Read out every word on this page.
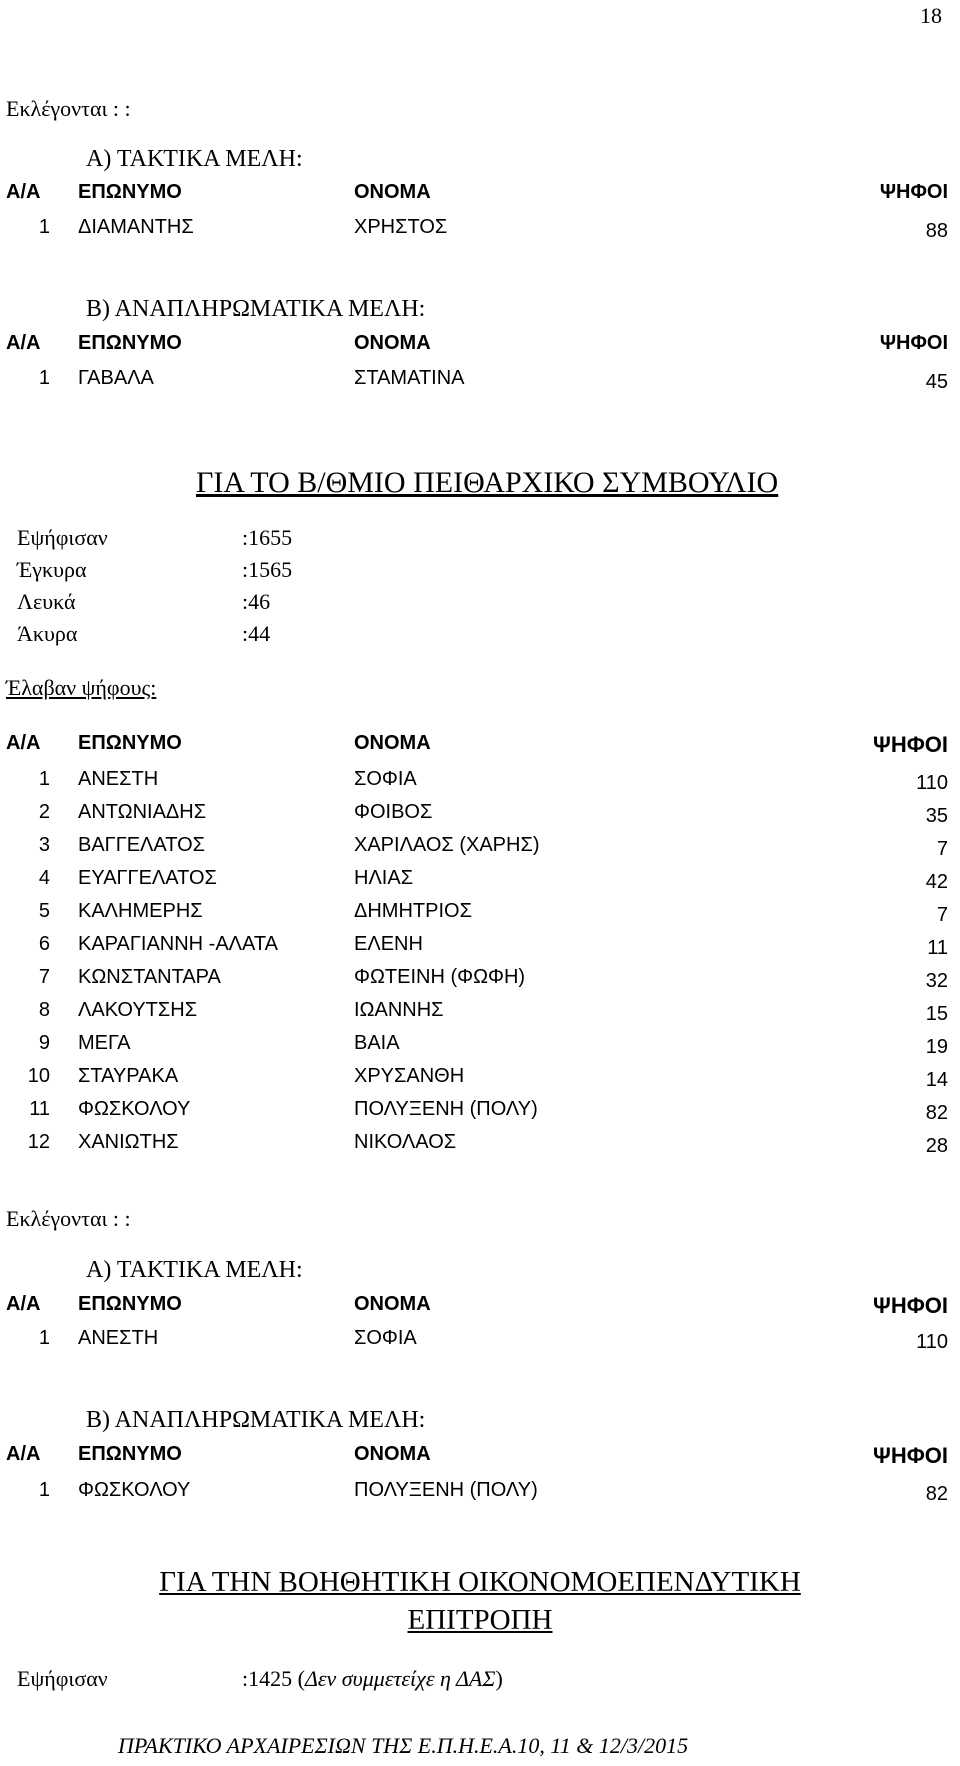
18
Εκλέγονται : :
Α) ΤΑΚΤΙΚΑ ΜΕΛΗ:
Α/Α ΕΠΩΝΥΜΟ	ΟΝΟΜΑ	ΨΗΦΟΙ
1 ΔΙΑΜΑΝΤΗΣ	ΧΡΗΣΤΟΣ	88
Β) ΑΝΑΠΛΗΡΩΜΑΤΙΚΑ ΜΕΛΗ:
Α/Α ΕΠΩΝΥΜΟ	ΟΝΟΜΑ	ΨΗΦΟΙ
1 ΓΑΒΑΛΑ	ΣΤΑΜΑΤΙΝΑ	45
ΓΙΑ ΤΟ Β/ΘΜΙΟ ΠΕΙΘΑΡΧΙΚΟ ΣΥΜΒΟΥΛΙΟ
Εψήφισαν	:1655
Έγκυρα	:1565
Λευκά	:46
Άκυρα	:44
Έλαβαν ψήφους:
Α/Α ΕΠΩΝΥΜΟ	ΟΝΟΜΑ	ΨΗΦΟΙ
1 ΑΝΕΣΤΗ	ΣΟΦΙΑ	110
2 ΑΝΤΩΝΙΑΔΗΣ	ΦΟΙΒΟΣ	35
3 ΒΑΓΓΕΛΑΤΟΣ	ΧΑΡΙΛΑΟΣ (ΧΑΡΗΣ)	7
4 ΕΥΑΓΓΕΛΑΤΟΣ	ΗΛΙΑΣ	42
5 ΚΑΛΗΜΕΡΗΣ	ΔΗΜΗΤΡΙΟΣ	7
6 ΚΑΡΑΓΙΑΝΝΗ -ΑΛΑΤΑ	ΕΛΕΝΗ	11
7 ΚΩΝΣΤΑΝΤΑΡΑ	ΦΩΤΕΙΝΗ (ΦΩΦΗ)	32
8 ΛΑΚΟΥΤΣΗΣ	ΙΩΑΝΝΗΣ	15
9 ΜΕΓΑ	ΒΑΙΑ	19
10 ΣΤΑΥΡΑΚΑ	ΧΡΥΣΑΝΘΗ	14
11 ΦΩΣΚΟΛΟΥ	ΠΟΛΥΞΕΝΗ (ΠΟΛΥ)	82
12 ΧΑΝΙΩΤΗΣ	ΝΙΚΟΛΑΟΣ	28
Εκλέγονται : :
Α) ΤΑΚΤΙΚΑ ΜΕΛΗ:
Α/Α ΕΠΩΝΥΜΟ	ΟΝΟΜΑ	ΨΗΦΟΙ
1 ΑΝΕΣΤΗ	ΣΟΦΙΑ	110
Β) ΑΝΑΠΛΗΡΩΜΑΤΙΚΑ ΜΕΛΗ:
Α/Α ΕΠΩΝΥΜΟ	ΟΝΟΜΑ	ΨΗΦΟΙ
1 ΦΩΣΚΟΛΟΥ	ΠΟΛΥΞΕΝΗ (ΠΟΛΥ)	82
ΓΙΑ ΤΗΝ ΒΟΗΘΗΤΙΚΗ ΟΙΚΟΝΟΜΟΕΠΕΝΔΥΤΙΚΗ
ΕΠΙΤΡΟΠΗ
Εψήφισαν	:1425 (Δεν συμμετείχε η ΔΑΣ)
ΠΡΑΚΤΙΚΟ ΑΡΧΑΙΡΕΣΙΩΝ ΤΗΣ Ε.Π.Η.Ε.Α.10, 11 & 12/3/2015
